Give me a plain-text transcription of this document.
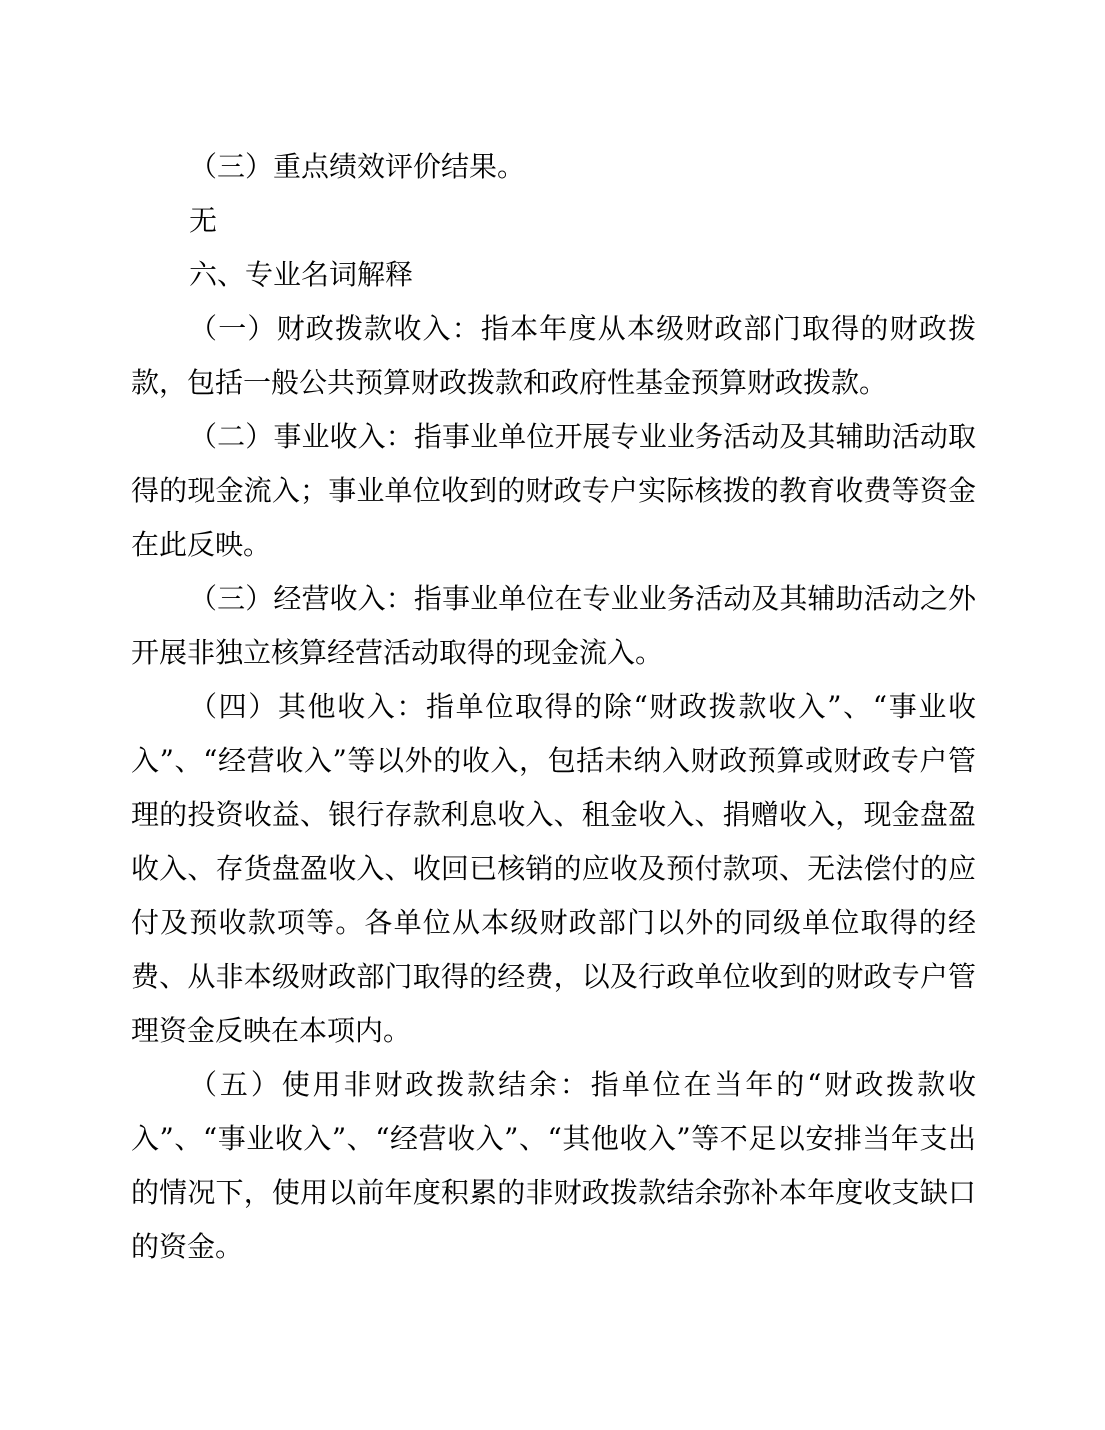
（三）重点绩效评价结果。

无

六、专业名词解释

（一）财政拨款收入：指本年度从本级财政部门取得的财政拨款，包括一般公共预算财政拨款和政府性基金预算财政拨款。

（二）事业收入：指事业单位开展专业业务活动及其辅助活动取得的现金流入；事业单位收到的财政专户实际核拨的教育收费等资金在此反映。

（三）经营收入：指事业单位在专业业务活动及其辅助活动之外开展非独立核算经营活动取得的现金流入。

（四）其他收入：指单位取得的除“财政拨款收入”、“事业收入”、“经营收入”等以外的收入，包括未纳入财政预算或财政专户管理的投资收益、银行存款利息收入、租金收入、捐赠收入，现金盘盈收入、存货盘盈收入、收回已核销的应收及预付款项、无法偿付的应付及预收款项等。各单位从本级财政部门以外的同级单位取得的经费、从非本级财政部门取得的经费，以及行政单位收到的财政专户管理资金反映在本项内。

（五）使用非财政拨款结余：指单位在当年的“财政拨款收入”、“事业收入”、“经营收入”、“其他收入”等不足以安排当年支出的情况下，使用以前年度积累的非财政拨款结余弥补本年度收支缺口的资金。
